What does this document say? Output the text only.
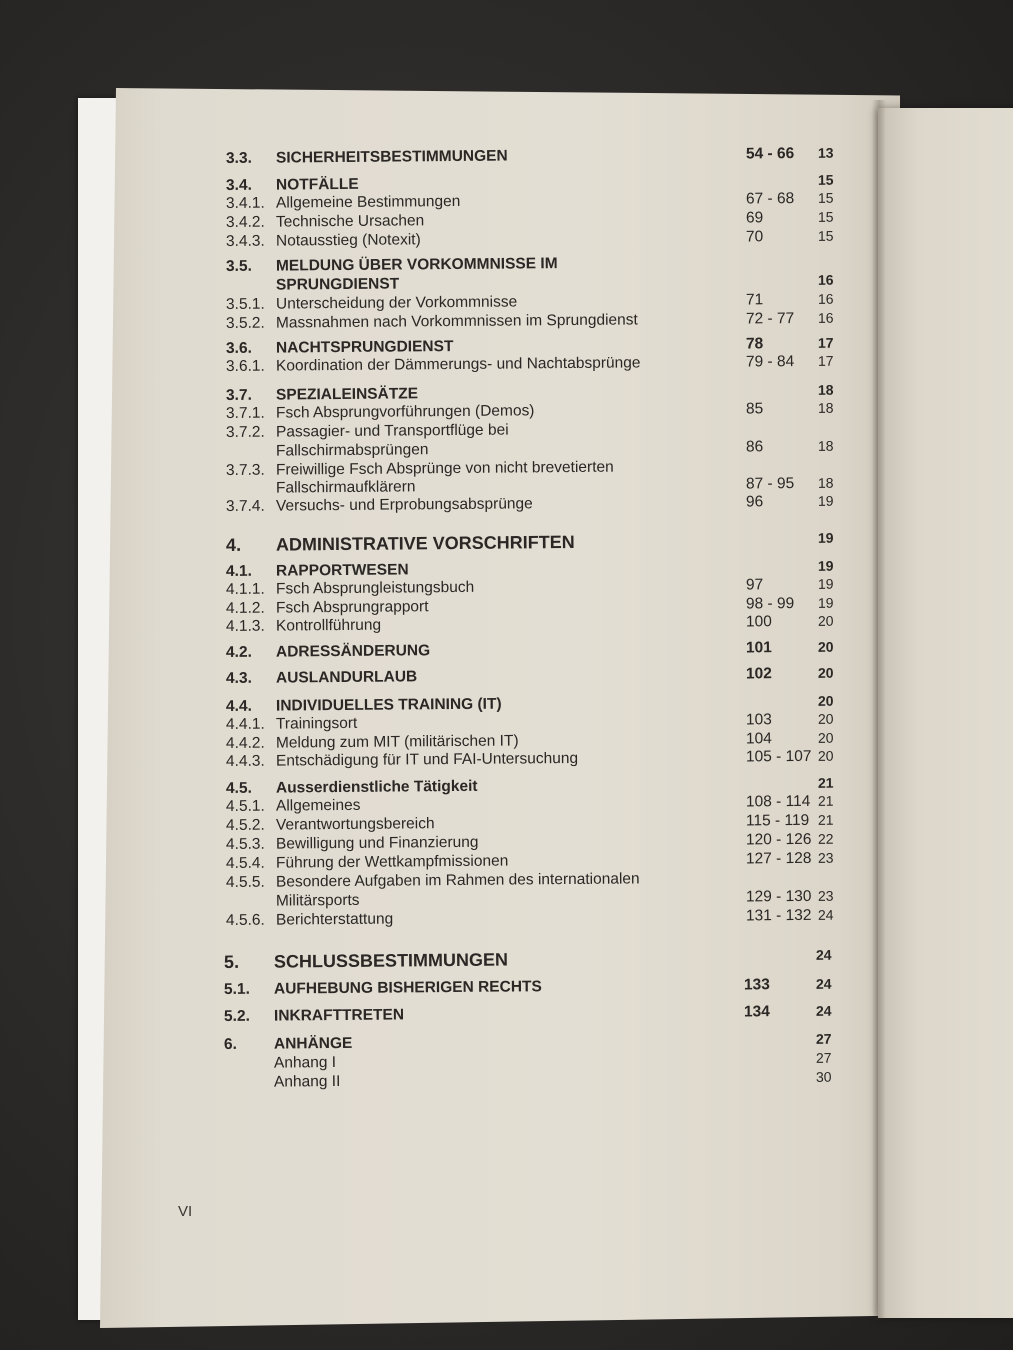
3.3. SICHERHEITSBESTIMMUNGEN	54 - 66 13
3.4. NOTFÄLLE	15
3.4.1. Allgemeine Bestimmungen	67 - 68 15
3.4.2. Technische Ursachen	69	15
3.4.3. Notausstieg (Notexit)	70	15
3.5. MELDUNG ÜBER VORKOMMNISSE IM
SPRUNGDIENST	16
3.5.1. Unterscheidung der Vorkommnisse	71	16
3.5.2. Massnahmen nach Vorkommnissen im Sprungdienst	72 - 77 16
3.6. NACHTSPRUNGDIENST	78	17
3.6.1. Koordination der Dämmerungs- und Nachtabsprünge	79 - 84 17
3.7. SPEZIALEINSÄTZE	18
3.7.1. Fsch Absprungvorführungen (Demos)	85	18
3.7.2. Passagier- und Transportflüge bei
Fallschirmabsprüngen	86	18
3.7.3. Freiwillige Fsch Absprünge von nicht brevetierten
Fallschirmaufklärern	87 - 95 18
3.7.4. Versuchs- und Erprobungsabsprünge	96	19
4. ADMINISTRATIVE VORSCHRIFTEN	19
4.1. RAPPORTWESEN	19
4.1.1. Fsch Absprungleistungsbuch	97	19
4.1.2. Fsch Absprungrapport	98 - 99 19
4.1.3. Kontrollführung	100	20
4.2. ADRESSÄNDERUNG	101	20
4.3. AUSLANDURLAUB	102	20
4.4. INDIVIDUELLES TRAINING (IT)	20
4.4.1. Trainingsort	103	20
4.4.2. Meldung zum MIT (militärischen IT)	104	20
4.4.3. Entschädigung für IT und FAI-Untersuchung	105 - 107 20
4.5. Ausserdienstliche Tätigkeit	21
4.5.1. Allgemeines	108 - 114 21
4.5.2. Verantwortungsbereich	115 - 119 21
4.5.3. Bewilligung und Finanzierung	120 - 126 22
4.5.4. Führung der Wettkampfmissionen	127 - 128 23
4.5.5. Besondere Aufgaben im Rahmen des internationalen
Militärsports	129 - 130 23
4.5.6. Berichterstattung	131 - 132 24
5. SCHLUSSBESTIMMUNGEN	24
5.1. AUFHEBUNG BISHERIGEN RECHTS	133	24
5.2. INKRAFTTRETEN	134	24
6. ANHÄNGE	27
Anhang I	27
Anhang II	30
VI
